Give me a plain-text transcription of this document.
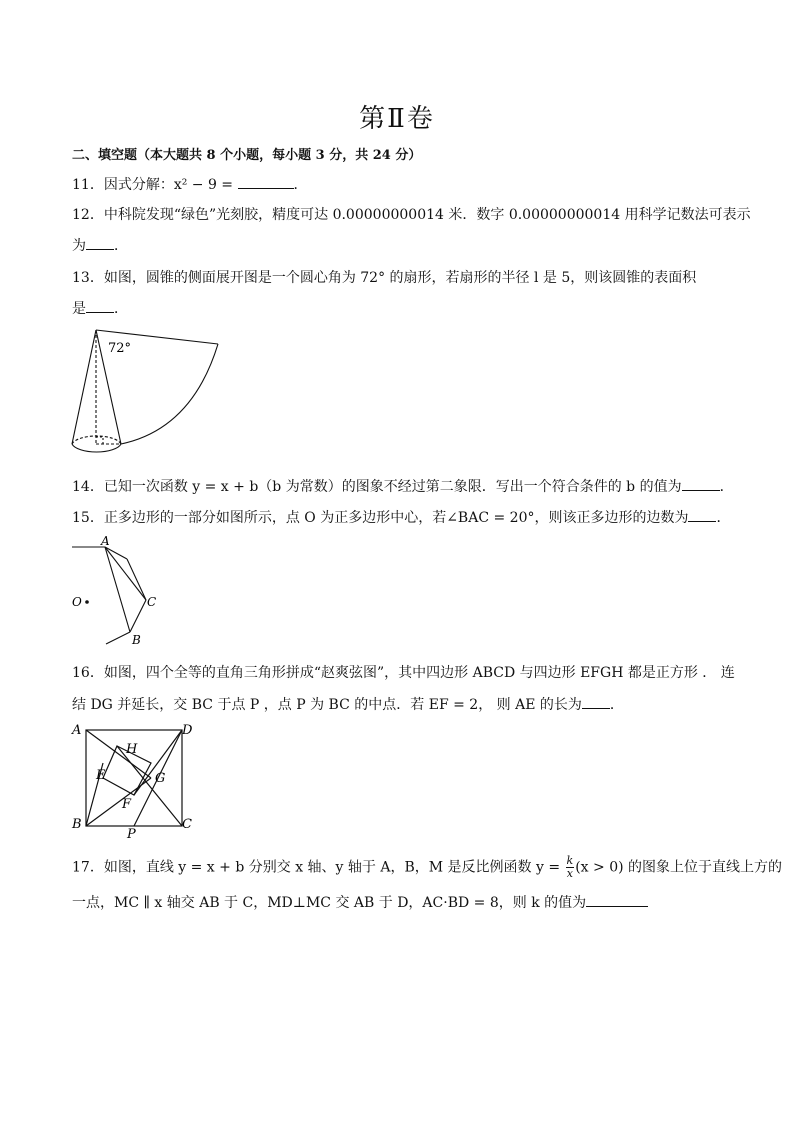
第Ⅱ卷
二、填空题（本大题共 8 个小题，每小题 3 分，共 24 分）
11．因式分解：x² − 9 =	．
12．中科院发现“绿色”光刻胶，精度可达 0.00000000014 米．数字 0.00000000014 用科学记数法可表示
为 ．
13．如图，圆锥的侧面展开图是一个圆心角为 72° 的扇形，若扇形的半径 l 是 5，则该圆锥的表面积
是 ．
72°
14．已知一次函数 y = x + b（b 为常数）的图象不经过第二象限．写出一个符合条件的 b 的值为	．
15．正多边形的一部分如图所示，点 O 为正多边形中心，若∠BAC = 20°，则该正多边形的边数为 ．
A
C
B
O
16．如图，四个全等的直角三角形拼成“赵爽弦图”，其中四边形 ABCD 与四边形 EFGH 都是正方形 ． 连
结 DG 并延长，交 BC 于点 P ，点 P 为 BC 的中点．若 EF = 2， 则 AE 的长为 ．
A	D
B	C
H
E	G
F
P
17．如图，直线 y = x + b 分别交 x 轴、y 轴于 A，B，M 是反比例函数 $y = \frac{k}{x} (x > 0)$ 的图象上位于直线上方的
一点，MC ∥ x 轴交 AB 于 C，MD⊥MC 交 AB 于 D，AC·BD = 8，则 k 的值为
